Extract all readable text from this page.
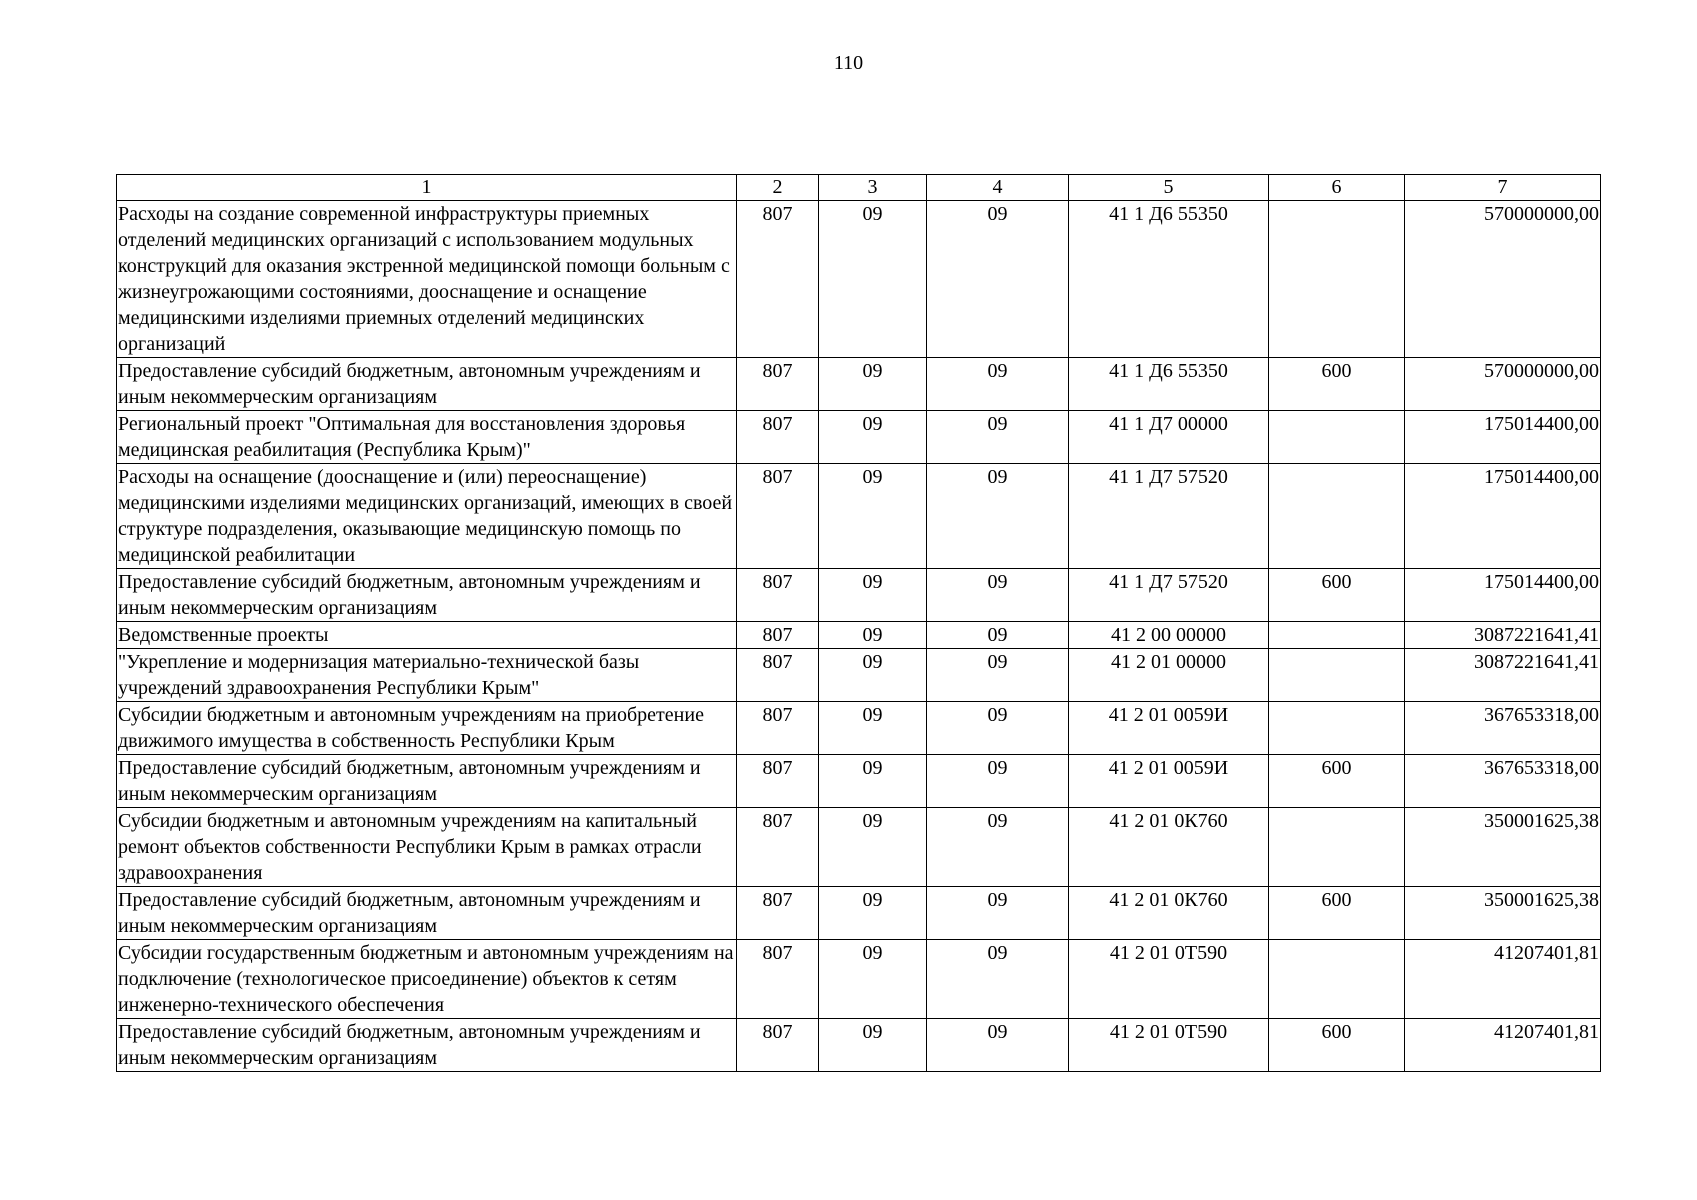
110
1	2	3	4	5	6	7
Расходы на создание современной инфраструктуры приемных отделений медицинских организаций с использованием модульных конструкций для оказания экстренной медицинской помощи больным с жизнеугрожающими состояниями, дооснащение и оснащение медицинскими изделиями приемных отделений медицинских организаций	807	09	09	41 1 Д6 55350		570000000,00
Предоставление субсидий бюджетным, автономным учреждениям и иным некоммерческим организациям	807	09	09	41 1 Д6 55350	600	570000000,00
Региональный проект "Оптимальная для восстановления здоровья медицинская реабилитация (Республика Крым)"	807	09	09	41 1 Д7 00000		175014400,00
Расходы на оснащение (дооснащение и (или) переоснащение) медицинскими изделиями медицинских организаций, имеющих в своей структуре подразделения, оказывающие медицинскую помощь по медицинской реабилитации	807	09	09	41 1 Д7 57520		175014400,00
Предоставление субсидий бюджетным, автономным учреждениям и иным некоммерческим организациям	807	09	09	41 1 Д7 57520	600	175014400,00
Ведомственные проекты	807	09	09	41 2 00 00000		3087221641,41
"Укрепление и модернизация материально-технической базы учреждений здравоохранения Республики Крым"	807	09	09	41 2 01 00000		3087221641,41
Субсидии бюджетным и автономным учреждениям на приобретение движимого имущества в собственность Республики Крым	807	09	09	41 2 01 0059И		367653318,00
Предоставление субсидий бюджетным, автономным учреждениям и иным некоммерческим организациям	807	09	09	41 2 01 0059И	600	367653318,00
Субсидии бюджетным и автономным учреждениям на капитальный ремонт объектов собственности Республики Крым в рамках отрасли здравоохранения	807	09	09	41 2 01 0К760		350001625,38
Предоставление субсидий бюджетным, автономным учреждениям и иным некоммерческим организациям	807	09	09	41 2 01 0К760	600	350001625,38
Субсидии государственным бюджетным и автономным учреждениям на подключение (технологическое присоединение) объектов к сетям инженерно-технического обеспечения	807	09	09	41 2 01 0Т590		41207401,81
Предоставление субсидий бюджетным, автономным учреждениям и иным некоммерческим организациям	807	09	09	41 2 01 0Т590	600	41207401,81
